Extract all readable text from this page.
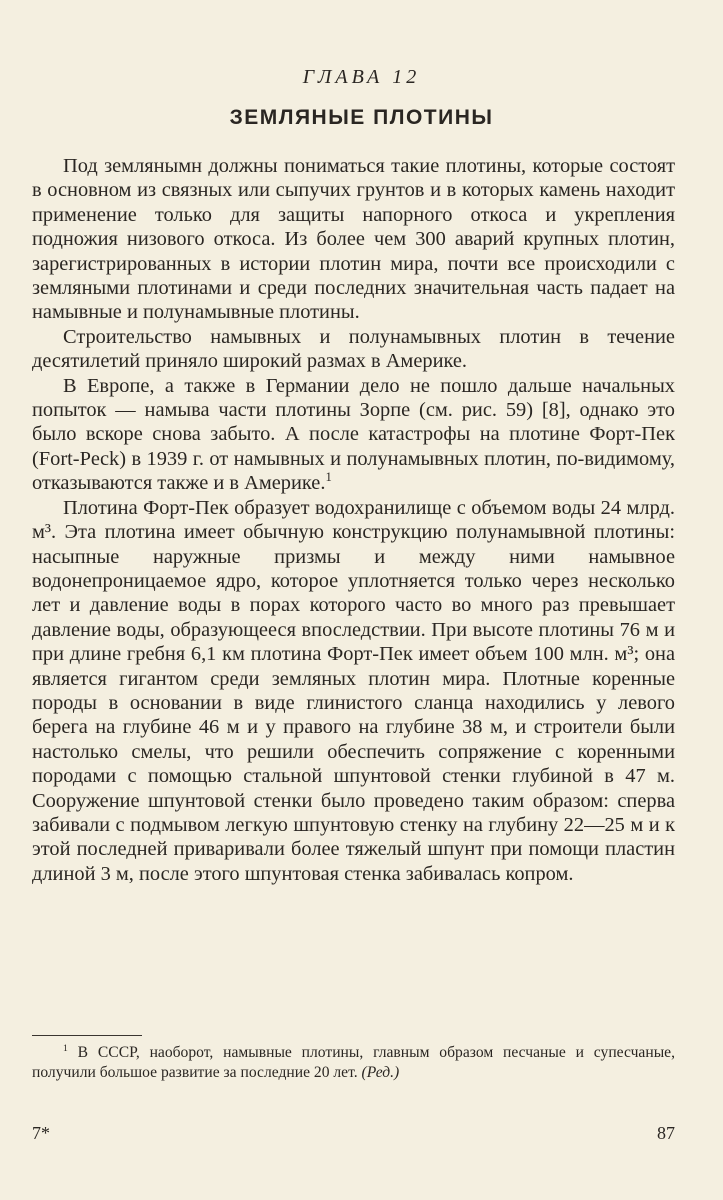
ГЛАВА 12
ЗЕМЛЯНЫЕ ПЛОТИНЫ

Под землянымн должны пониматься такие плотины, которые состоят в основном из связных или сыпучих грунтов и в которых камень находит применение только для защиты напорного откоса и укрепления подножия низового откоса. Из более чем 300 аварий крупных плотин, зарегистрированных в истории плотин мира, почти все происходили с земляными плотинами и среди последних значительная часть падает на намывные и полунамывные плотины.

Строительство намывных и полунамывных плотин в течение десятилетий приняло широкий размах в Америке.

В Европе, а также в Германии дело не пошло дальше начальных попыток — намыва части плотины Зорпе (см. рис. 59) [8], однако это было вскоре снова забыто. А после катастрофы на плотине Форт-Пек (Fort-Peck) в 1939 г. от намывных и полунамывных плотин, по-видимому, отказываются также и в Америке.$^1$

Плотина Форт-Пек образует водохранилище с объемом воды 24 млрд. м³. Эта плотина имеет обычную конструкцию полунамывной плотины: насыпные наружные призмы и между ними намывное водонепроницаемое ядро, которое уплотняется только через несколько лет и давление воды в порах которого часто во много раз превышает давление воды, образующееся впоследствии. При высоте плотины 76 м и при длине гребня 6,1 км плотина Форт-Пек имеет объем 100 млн. м³; она является гигантом среди земляных плотин мира. Плотные коренные породы в основании в виде глинистого сланца находились у левого берега на глубине 46 м и у правого на глубине 38 м, и строители были настолько смелы, что решили обеспечить сопряжение с коренными породами с помощью стальной шпунтовой стенки глубиной в 47 м. Сооружение шпунтовой стенки было проведено таким образом: сперва забивали с подмывом легкую шпунтовую стенку на глубину 22—25 м и к этой последней приваривали более тяжелый шпунт при помощи пластин длиной 3 м, после этого шпунтовая стенка забивалась копром.

$^1$ В СССР, наоборот, намывные плотины, главным образом песчаные и супесчаные, получили большое развитие за последние 20 лет. (Ред.)

7*	87
